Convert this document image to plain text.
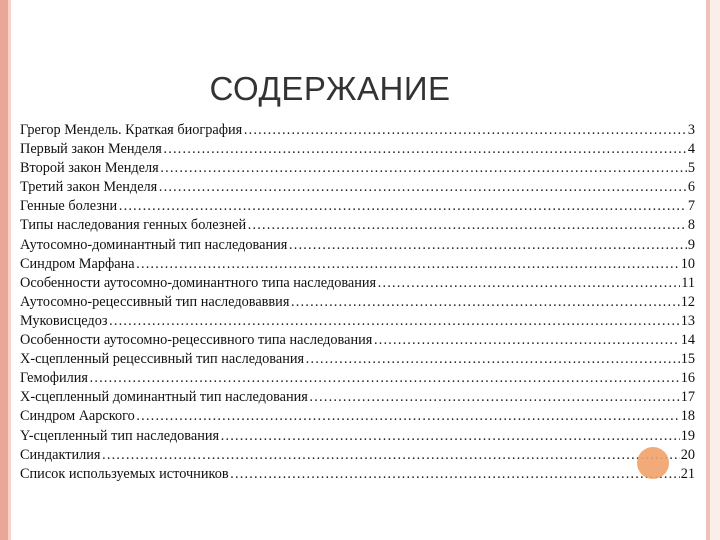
СОДЕРЖАНИЕ
Грегор Мендель. Краткая биография ………………………………………………………………………………………………………………………………………………………………………………	3
Первый закон Менделя ………………………………………………………………………………………………………………………………………………………………………………	4
Второй закон Менделя ………………………………………………………………………………………………………………………………………………………………………………	5
Третий закон Менделя ………………………………………………………………………………………………………………………………………………………………………………	6
Генные болезни ………………………………………………………………………………………………………………………………………………………………………………	7
Типы наследования генных болезней ………………………………………………………………………………………………………………………………………………………………………………	8
Аутосомно-доминантный тип наследования ………………………………………………………………………………………………………………………………………………………………………………	9
Синдром Марфана ………………………………………………………………………………………………………………………………………………………………………………	10
Особенности аутосомно-доминантного типа наследования ………………………………………………………………………………………………………………………………………………………………………………	11
Аутосомно-рецессивный тип наследоваввия ………………………………………………………………………………………………………………………………………………………………………………	12
Муковисцедоз ………………………………………………………………………………………………………………………………………………………………………………	13
Особенности аутосомно-рецессивного типа наследования ………………………………………………………………………………………………………………………………………………………………………………	14
Х-сцепленный рецессивный тип наследования ………………………………………………………………………………………………………………………………………………………………………………	15
Гемофилия ………………………………………………………………………………………………………………………………………………………………………………	16
Х-сцепленный доминантный тип наследования ………………………………………………………………………………………………………………………………………………………………………………	17
Синдром Аарского ………………………………………………………………………………………………………………………………………………………………………………	18
Y-сцепленный тип наследования ………………………………………………………………………………………………………………………………………………………………………………	19
Синдактилия ………………………………………………………………………………………………………………………………………………………………………………	20
Список используемых источников ………………………………………………………………………………………………………………………………………………………………………………	21
